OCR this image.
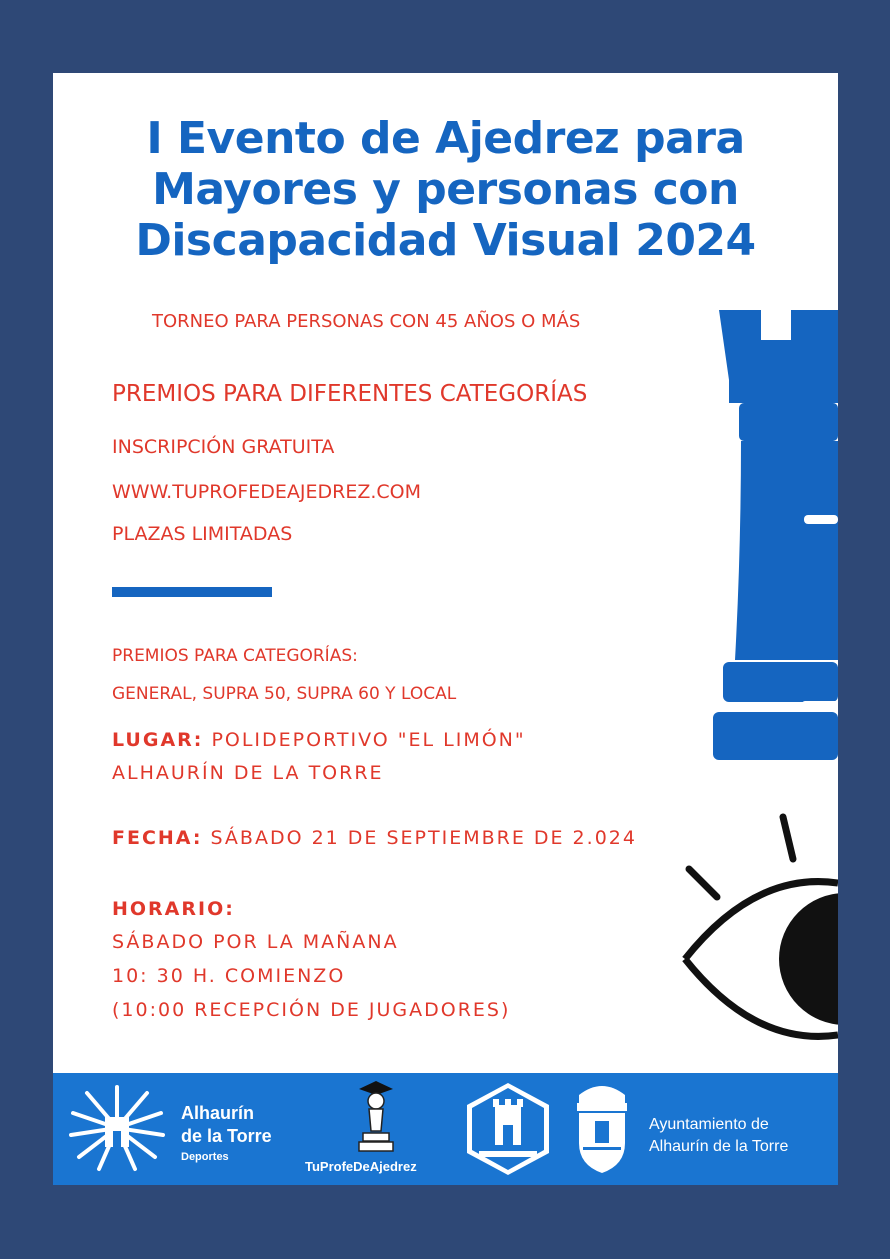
I Evento de Ajedrez para
Mayores y personas con
Discapacidad Visual 2024
TORNEO PARA PERSONAS CON 45 AÑOS O MÁS
PREMIOS PARA DIFERENTES CATEGORÍAS
INSCRIPCIÓN GRATUITA
WWW.TUPROFEDEAJEDREZ.COM
PLAZAS LIMITADAS
PREMIOS PARA CATEGORÍAS:
GENERAL, SUPRA 50, SUPRA 60 Y LOCAL
LUGAR: POLIDEPORTIVO "EL LIMÓN"
ALHAURÍN DE LA TORRE
FECHA: SÁBADO 21 DE SEPTIEMBRE DE 2.024
HORARIO:
SÁBADO POR LA MAÑANA
10: 30 H. COMIENZO
(10:00 RECEPCIÓN DE JUGADORES)
Alhaurín
de la Torre
Deportes
TuProfeDeAjedrez
Ayuntamiento de
Alhaurín de la Torre
